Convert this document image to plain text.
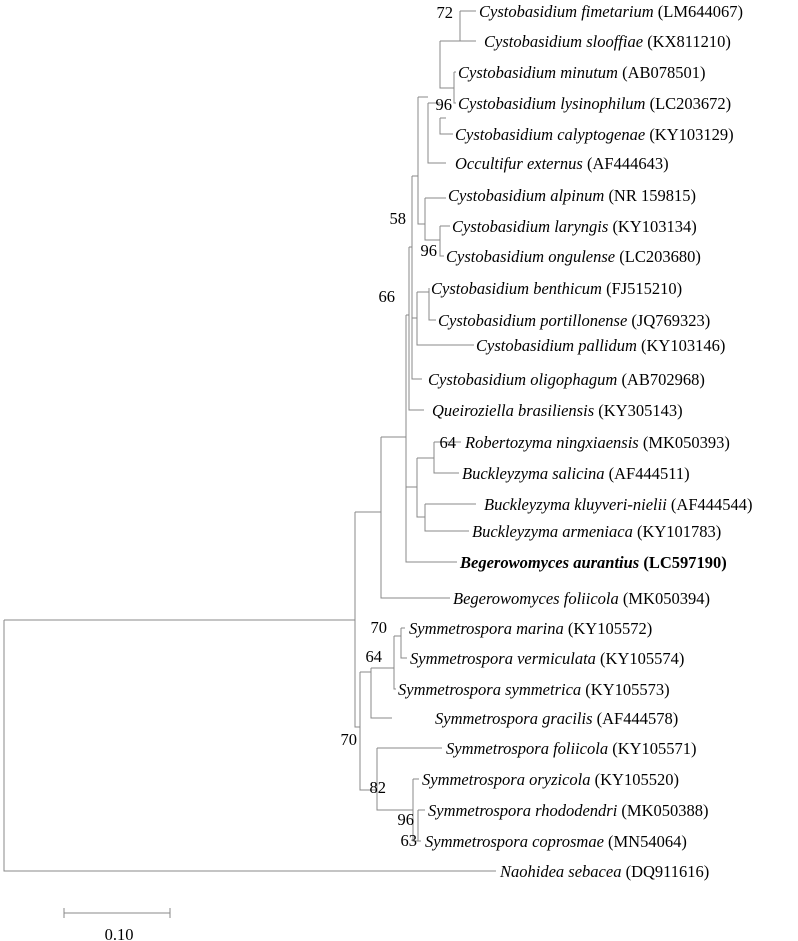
Cystobasidium fimetarium (LM644067)
Cystobasidium slooffiae (KX811210)
Cystobasidium minutum (AB078501)
Cystobasidium lysinophilum (LC203672)
Cystobasidium calyptogenae (KY103129)
Occultifur externus (AF444643)
Cystobasidium alpinum (NR 159815)
Cystobasidium laryngis (KY103134)
Cystobasidium ongulense (LC203680)
Cystobasidium benthicum (FJ515210)
Cystobasidium portillonense (JQ769323)
Cystobasidium pallidum (KY103146)
Cystobasidium oligophagum (AB702968)
Queiroziella brasiliensis (KY305143)
Robertozyma ningxiaensis (MK050393)
Buckleyzyma salicina (AF444511)
Buckleyzyma kluyveri-nielii (AF444544)
Buckleyzyma armeniaca (KY101783)
Begerowomyces aurantius (LC597190)
Begerowomyces foliicola (MK050394)
Symmetrospora marina (KY105572)
Symmetrospora vermiculata (KY105574)
Symmetrospora symmetrica (KY105573)
Symmetrospora gracilis (AF444578)
Symmetrospora foliicola (KY105571)
Symmetrospora oryzicola (KY105520)
Symmetrospora rhododendri (MK050388)
Symmetrospora coprosmae (MN54064)
Naohidea sebacea (DQ911616)
72
96
58
96
66
64
70
64
70
82
96
63
0.10
